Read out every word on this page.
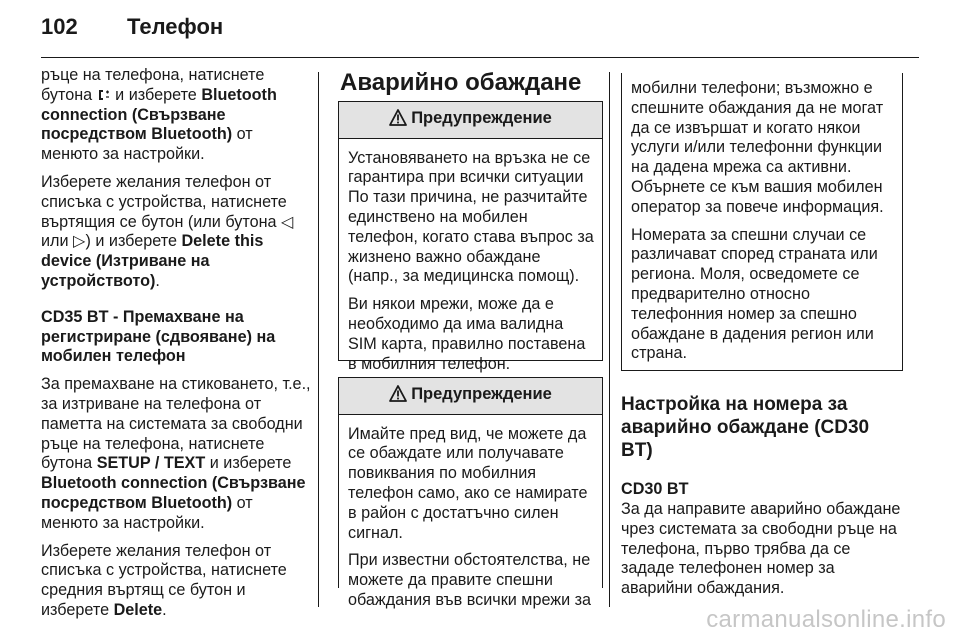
102 Телефон

ръце на телефона, натиснете бутона  и изберете Bluetooth connection (Свързване посредством Bluetooth) от менюто за настройки.

Изберете желания телефон от списъка с устройства, натиснете въртящия се бутон (или бутона ◁ или ▷) и изберете Delete this device (Изтриване на устройството).

CD35 BT - Премахване на регистриране (сдвояване) на мобилен телефон

За премахване на стиковането, т.е., за изтриване на телефона от паметта на системата за свободни ръце на телефона, натиснете бутона SETUP / TEXT и изберете Bluetooth connection (Свързване посредством Bluetooth) от менюто за настройки.

Изберете желания телефон от списъка с устройства, натиснете средния въртящ се бутон и изберете Delete.

Аварийно обаждане
Предупреждение

Установяването на връзка не се гарантира при всички ситуации По тази причина, не разчитайте единствено на мобилен телефон, когато става въпрос за жизнено важно обаждане (напр., за медицинска помощ).

Ви някои мрежи, може да е необходимо да има валидна SIM карта, правилно поставена в мобилния телефон.

Предупреждение

Имайте пред вид, че можете да се обаждате или получавате повиквания по мобилния телефон само, ако се намирате в район с достатъчно силен сигнал.

При известни обстоятелства, не можете да правите спешни обаждания във всички мрежи за

мобилни телефони; възможно е спешните обаждания да не могат да се извършат и когато някои услуги и/или телефонни функции на дадена мрежа са активни. Обърнете се към вашия мобилен оператор за повече информация.

Номерата за спешни случаи се различават според страната или региона. Моля, осведомете се предварително относно телефонния номер за спешно обаждане в дадения регион или страна.

Настройка на номера за аварийно обаждане (CD30 BT)

CD30 BT

За да направите аварийно обаждане чрез системата за свободни ръце на телефона, първо трябва да се зададе телефонен номер за аварийни обаждания.

carmanualsonline.info
